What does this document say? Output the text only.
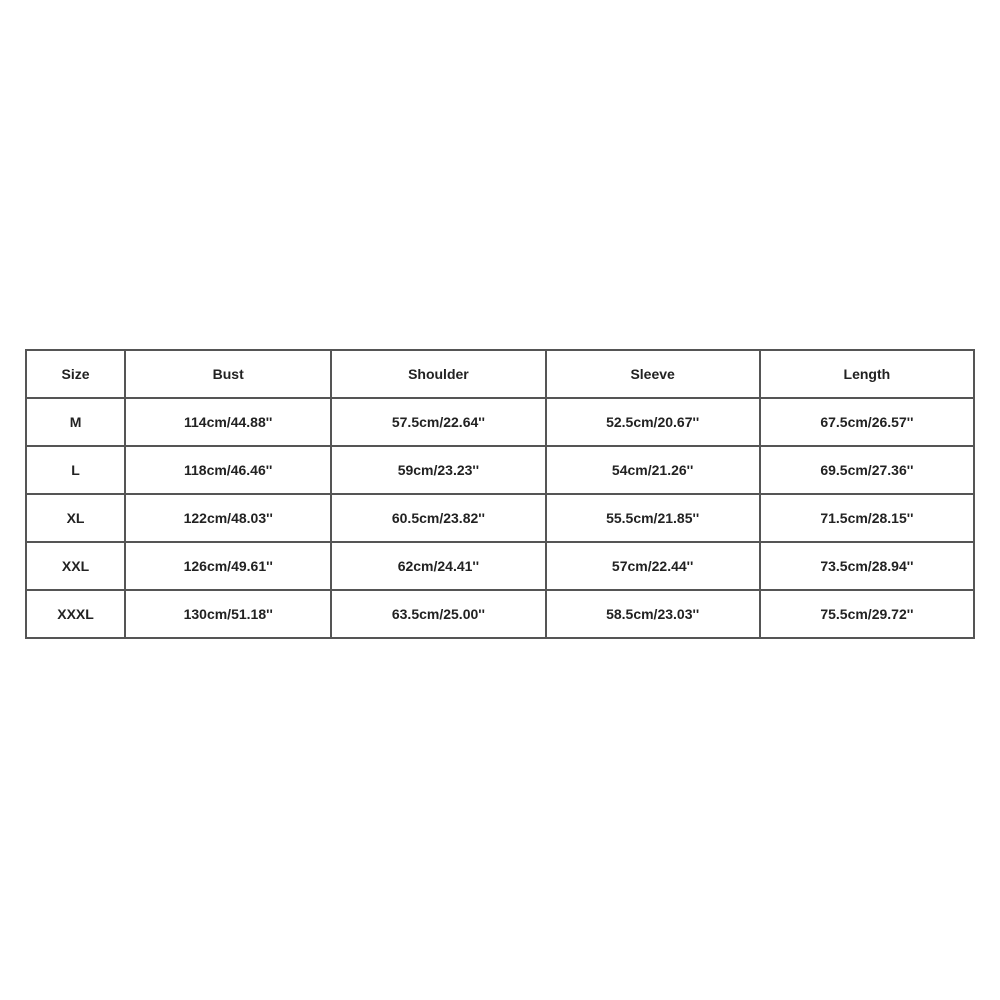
Size	Bust	Shoulder	Sleeve	Length
M	114cm/44.88''	57.5cm/22.64''	52.5cm/20.67''	67.5cm/26.57''
L	118cm/46.46''	59cm/23.23''	54cm/21.26''	69.5cm/27.36''
XL	122cm/48.03''	60.5cm/23.82''	55.5cm/21.85''	71.5cm/28.15''
XXL	126cm/49.61''	62cm/24.41''	57cm/22.44''	73.5cm/28.94''
XXXL	130cm/51.18''	63.5cm/25.00''	58.5cm/23.03''	75.5cm/29.72''
